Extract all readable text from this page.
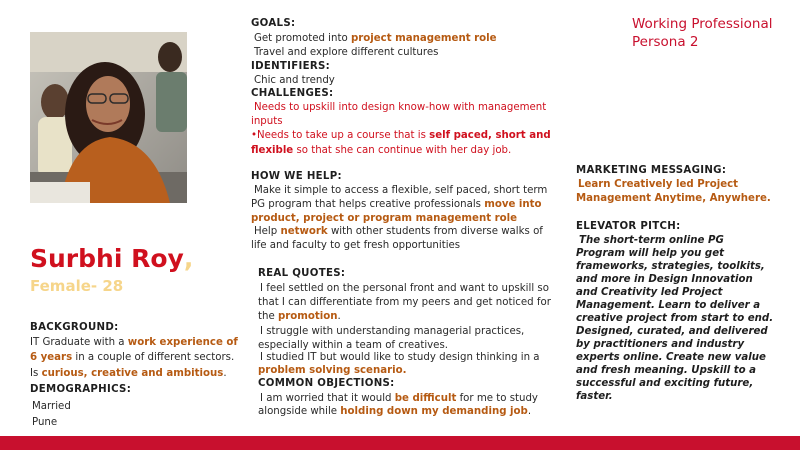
Surbhi Roy,
Female- 28
BACKGROUND:
IT Graduate with a work experience of
6 years in a couple of different sectors.
Is curious, creative and ambitious.
DEMOGRAPHICS:
Married
Pune
GOALS:
Get promoted into project management role
Travel and explore different cultures
IDENTIFIERS:
Chic and trendy
CHALLENGES:
Needs to upskill into design know-how with management
inputs
•Needs to take up a course that is self paced, short and
flexible so that she can continue with her day job.
HOW WE HELP:
Make it simple to access a flexible, self paced, short term
PG program that helps creative professionals move into
product, project or program management role
Help network with other students from diverse walks of
life and faculty to get fresh opportunities
REAL QUOTES:
I feel settled on the personal front and want to upskill so
that I can differentiate from my peers and get noticed for
the promotion.
I struggle with understanding managerial practices,
especially within a team of creatives.
I studied IT but would like to study design thinking in a
problem solving scenario.
COMMON OBJECTIONS:
I am worried that it would be difficult for me to study
alongside while holding down my demanding job.
Working Professional
Persona 2
MARKETING MESSAGING:
Learn Creatively led Project
Management Anytime, Anywhere.
ELEVATOR PITCH:
The short-term online PG
Program will help you get
frameworks, strategies, toolkits,
and more in Design Innovation
and Creativity led Project
Management. Learn to deliver a
creative project from start to end.
Designed, curated, and delivered
by practitioners and industry
experts online. Create new value
and fresh meaning. Upskill to a
successful and exciting future,
faster.
